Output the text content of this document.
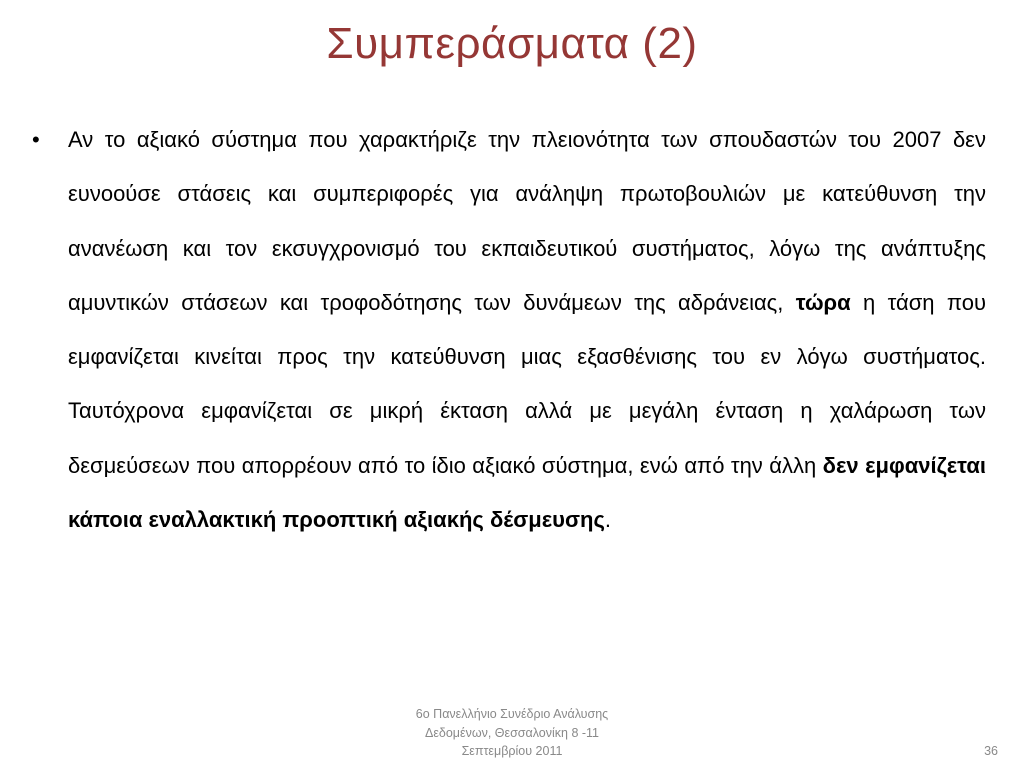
Συμπεράσματα (2)
• Αν το αξιακό σύστημα που χαρακτήριζε την πλειονότητα των σπουδαστών του 2007 δεν ευνοούσε στάσεις και συμπεριφορές για ανάληψη πρωτοβουλιών με κατεύθυνση την ανανέωση και τον εκσυγχρονισμό του εκπαιδευτικού συστήματος, λόγω της ανάπτυξης αμυντικών στάσεων και τροφοδότησης των δυνάμεων της αδράνειας, τώρα η τάση που εμφανίζεται κινείται προς την κατεύθυνση μιας εξασθένισης του εν λόγω συστήματος. Ταυτόχρονα εμφανίζεται σε μικρή έκταση αλλά με μεγάλη ένταση η χαλάρωση των δεσμεύσεων που απορρέουν από το ίδιο αξιακό σύστημα, ενώ από την άλλη δεν εμφανίζεται κάποια εναλλακτική προοπτική αξιακής δέσμευσης.

6ο Πανελλήνιο Συνέδριο Ανάλυσης
Δεδομένων, Θεσσαλονίκη 8 -11
Σεπτεμβρίου 2011	36
